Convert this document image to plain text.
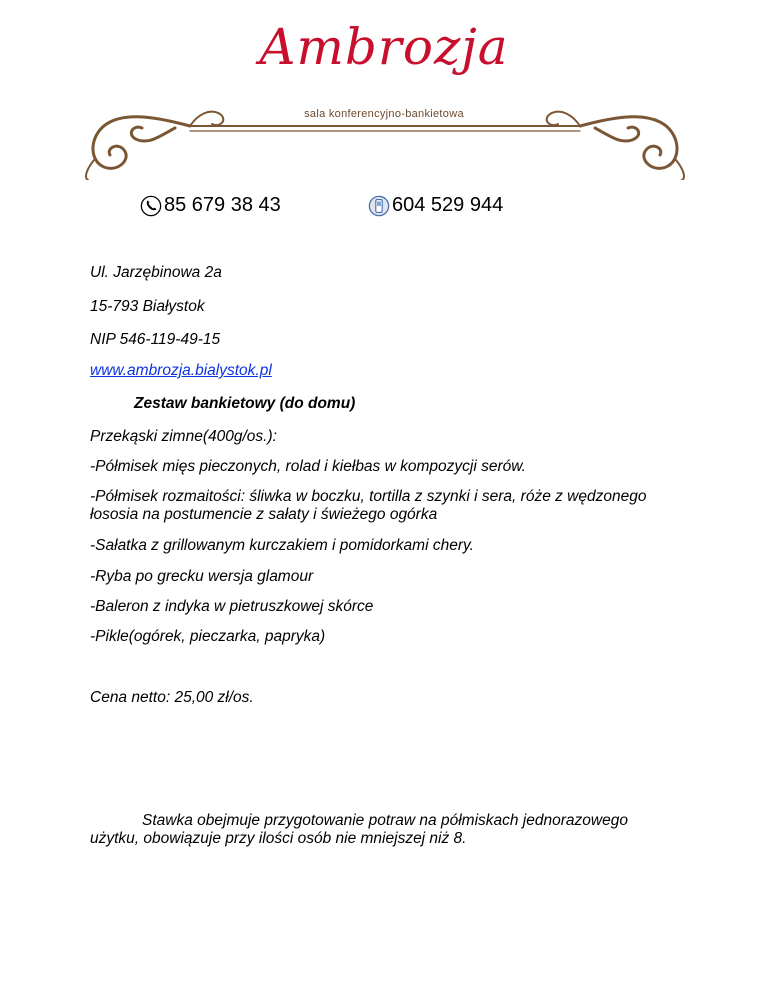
Ambrozja
sala konferencyjno-bankietowa
85 679 38 43	604 529 944
Ul. Jarzębinowa 2a
15-793 Białystok
NIP 546-119-49-15
www.ambrozja.bialystok.pl
Zestaw bankietowy (do domu)
Przekąski zimne(400g/os.):
-Półmisek mięs pieczonych, rolad i kiełbas w kompozycji serów.
-Półmisek rozmaitości: śliwka w boczku, tortilla z szynki i sera, róże z wędzonego łososia na postumencie z sałaty i świeżego ogórka
-Sałatka z grillowanym kurczakiem i pomidorkami chery.
-Ryba po grecku wersja glamour
-Baleron z indyka w pietruszkowej skórce
-Pikle(ogórek, pieczarka, papryka)
Cena netto: 25,00 zł/os.
Stawka obejmuje przygotowanie potraw na półmiskach jednorazowego użytku, obowiązuje przy ilości osób nie mniejszej niż 8.
